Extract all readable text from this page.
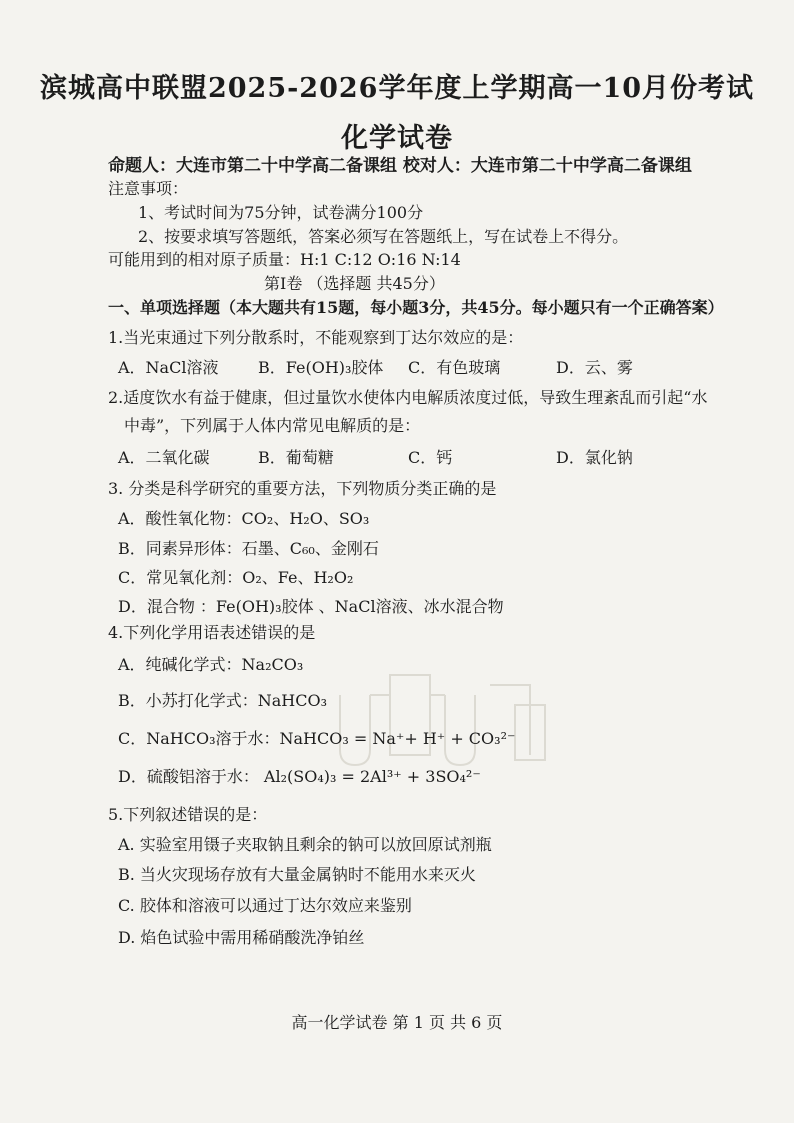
滨城高中联盟2025-2026学年度上学期高一10月份考试
化学试卷
命题人：大连市第二十中学高二备课组 校对人：大连市第二十中学高二备课组
注意事项：
1、考试时间为75分钟，试卷满分100分
2、按要求填写答题纸，答案必须写在答题纸上，写在试卷上不得分。
可能用到的相对原子质量：H:1 C:12 O:16 N:14
第Ⅰ卷 （选择题 共45分）
一、单项选择题（本大题共有15题，每小题3分，共45分。每小题只有一个正确答案）
1.当光束通过下列分散系时，不能观察到丁达尔效应的是：
A．NaCl溶液 B．Fe(OH)₃胶体 C．有色玻璃	D．云、雾
2.适度饮水有益于健康，但过量饮水使体内电解质浓度过低，导致生理紊乱而引起“水
中毒”，下列属于人体内常见电解质的是：
A．二氧化碳	B．葡萄糖	C．钙	D．氯化钠
3. 分类是科学研究的重要方法，下列物质分类正确的是
A．酸性氧化物：CO₂、H₂O、SO₃
B．同素异形体：石墨、C₆₀、金刚石
C．常见氧化剂：O₂、Fe、H₂O₂
D．混合物 ：Fe(OH)₃胶体 、NaCl溶液、冰水混合物
4.下列化学用语表述错误的是
A．纯碱化学式：Na₂CO₃
B．小苏打化学式：NaHCO₃
C．NaHCO₃溶于水：NaHCO₃ = Na⁺+ H⁺ + CO₃²⁻
D．硫酸铝溶于水： Al₂(SO₄)₃ = 2Al³⁺ + 3SO₄²⁻
5.下列叙述错误的是：
A. 实验室用镊子夹取钠且剩余的钠可以放回原试剂瓶
B. 当火灾现场存放有大量金属钠时不能用水来灭火
C. 胶体和溶液可以通过丁达尔效应来鉴别
D. 焰色试验中需用稀硝酸洗净铂丝
高一化学试卷 第 1 页 共 6 页
